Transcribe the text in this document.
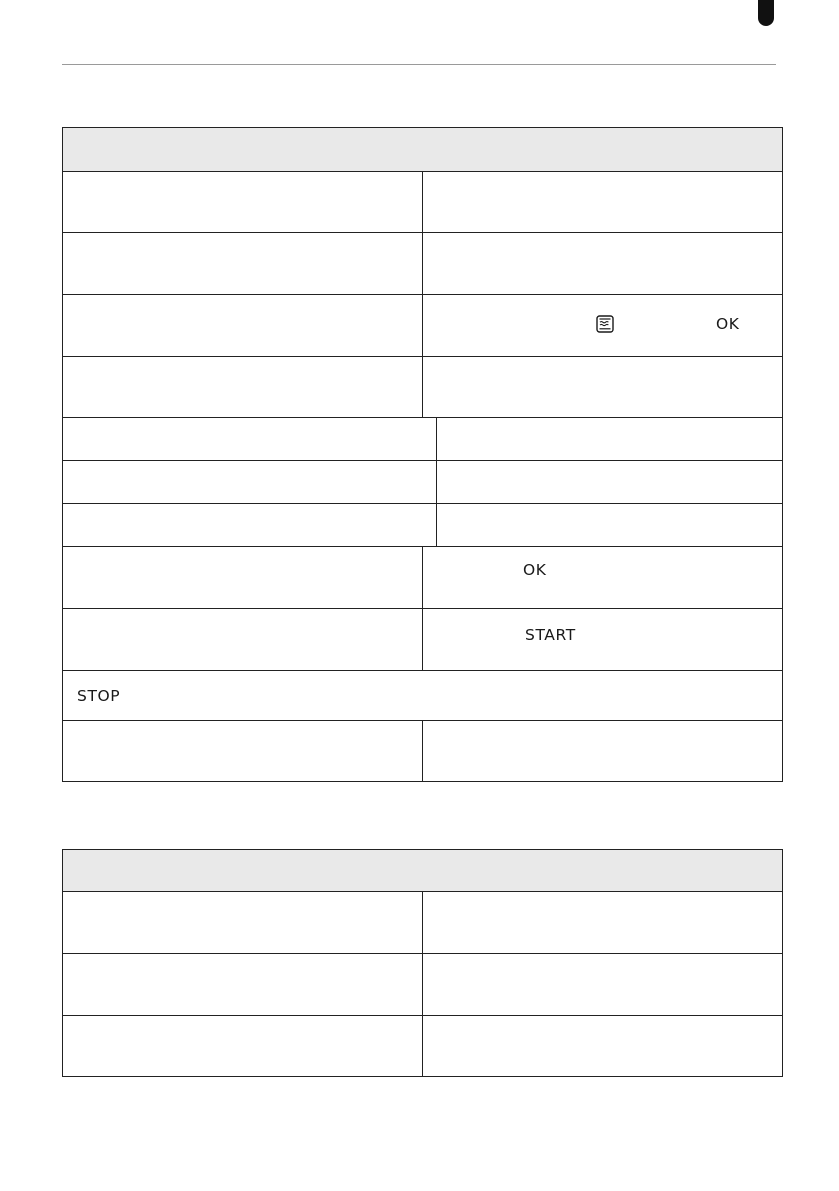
	OK

	OK

	START

STOP	
